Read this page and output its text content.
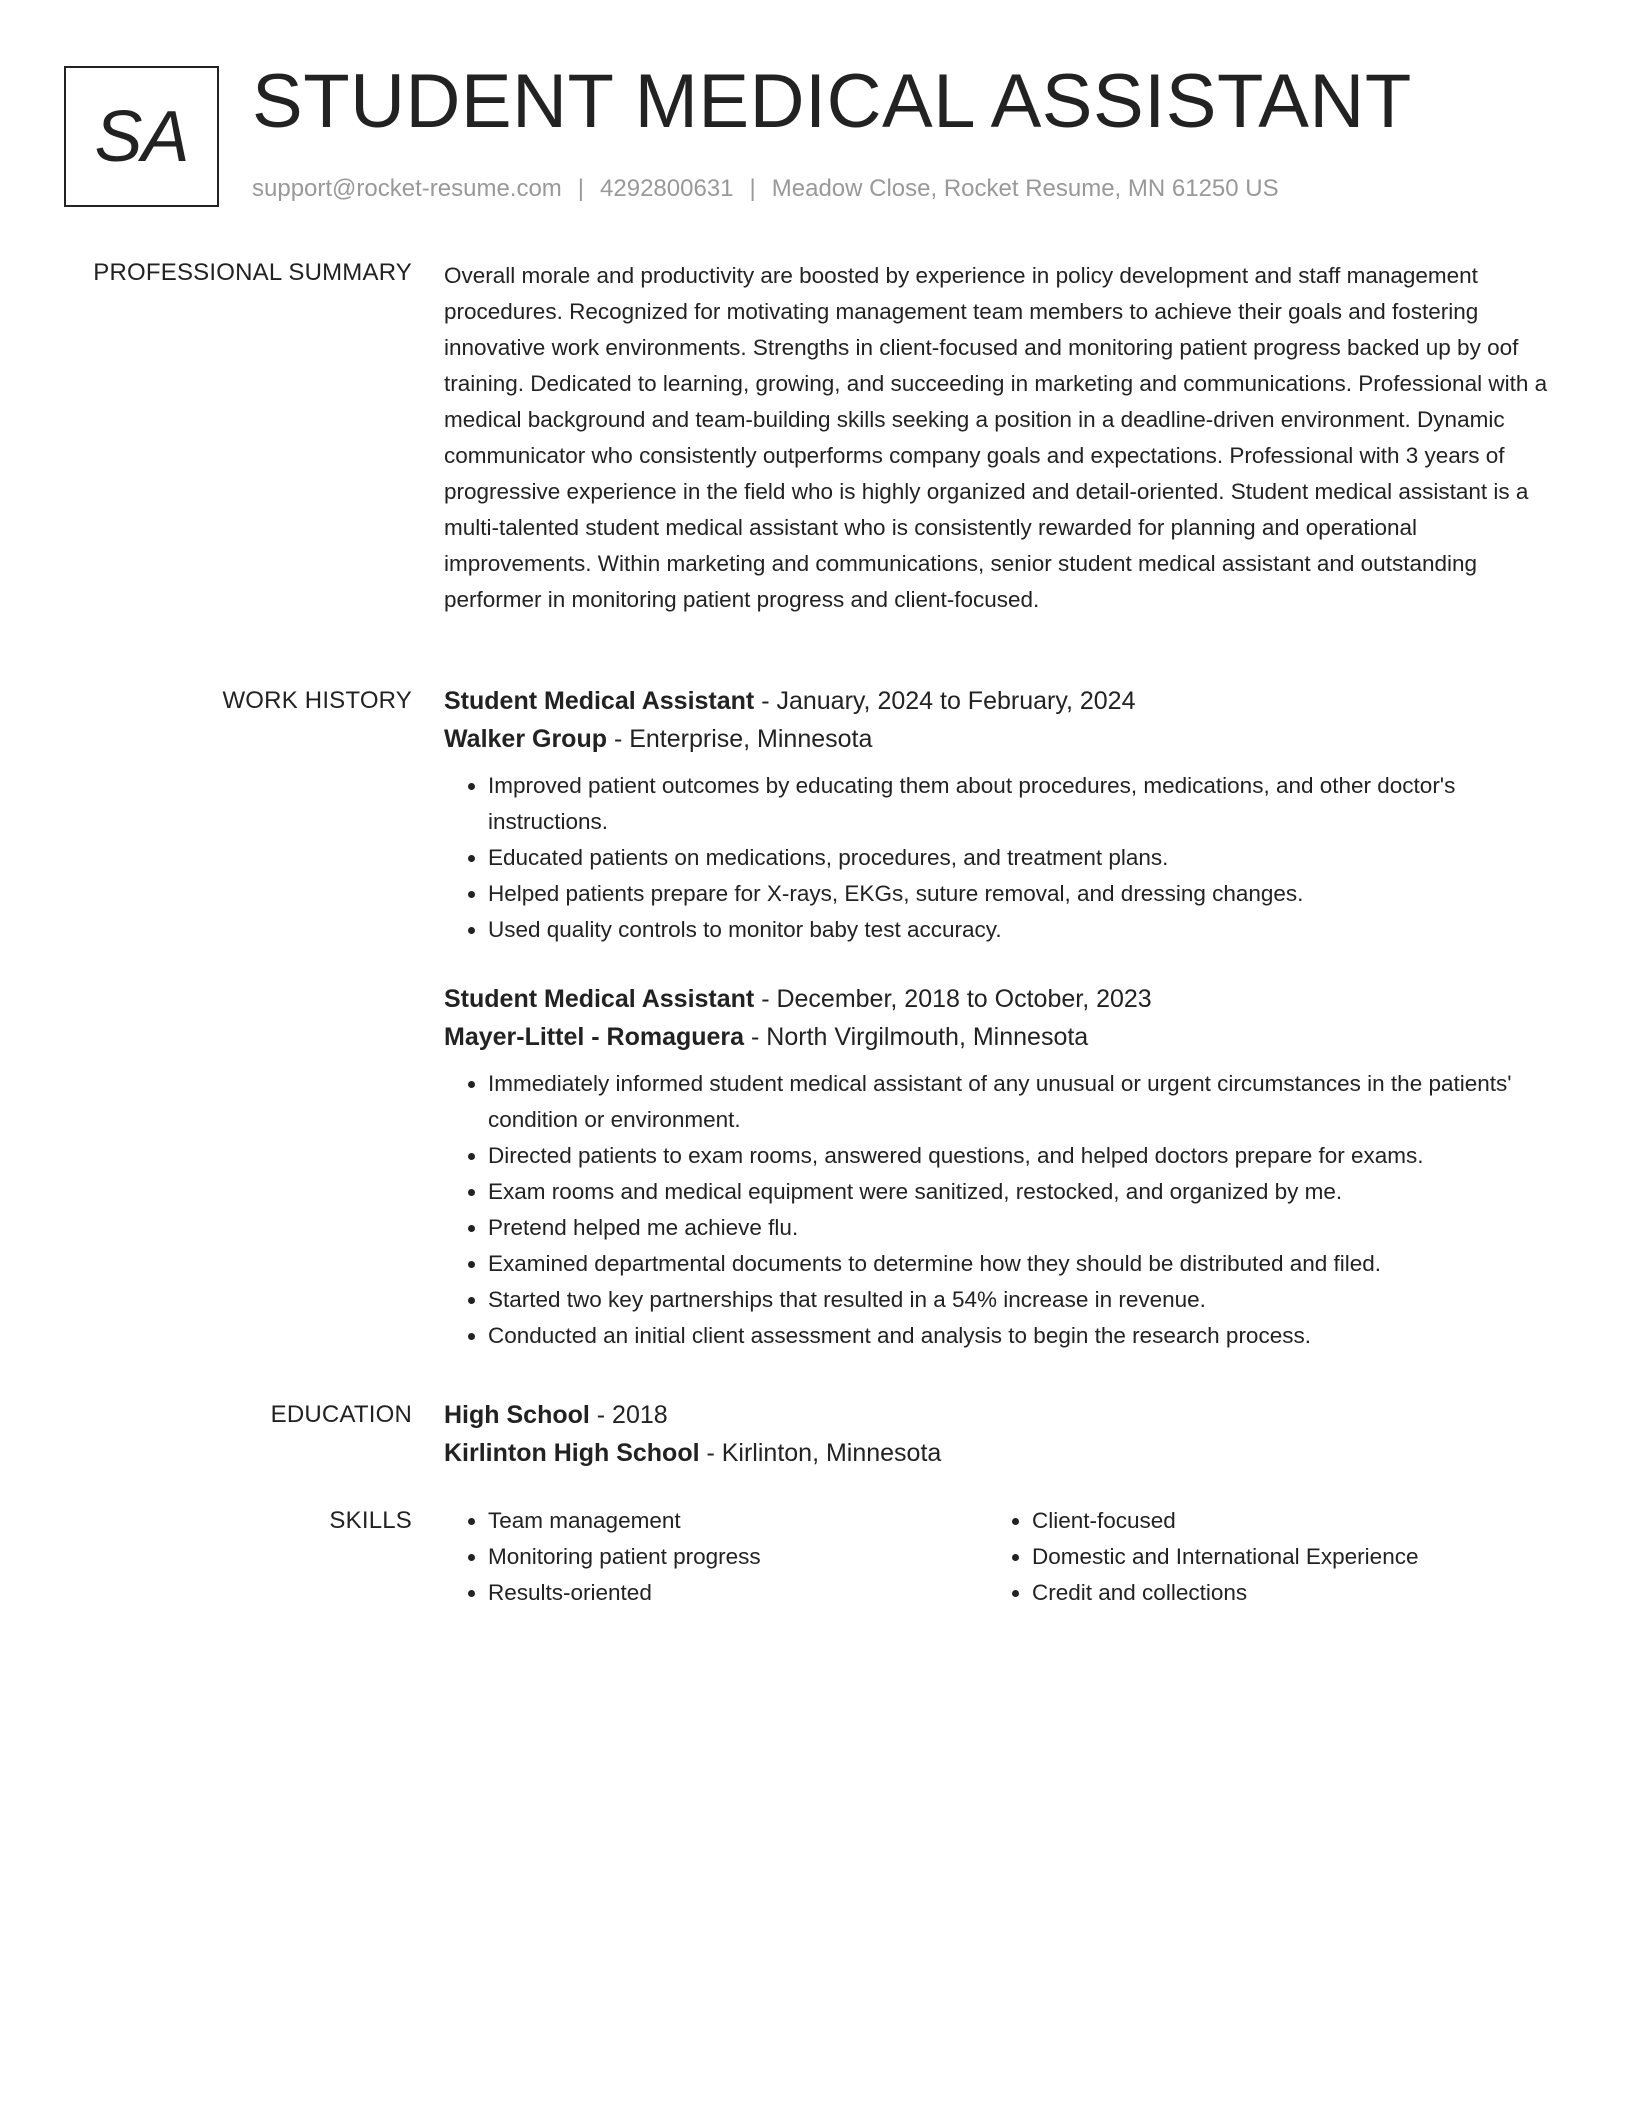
SA STUDENT MEDICAL ASSISTANT
support@rocket-resume.com | 4292800631 | Meadow Close, Rocket Resume, MN 61250 US
PROFESSIONAL SUMMARY Overall morale and productivity are boosted by experience in policy development and staff management procedures. Recognized for motivating management team members to achieve their goals and fostering innovative work environments. Strengths in client-focused and monitoring patient progress backed up by oof training. Dedicated to learning, growing, and succeeding in marketing and communications. Professional with a medical background and team-building skills seeking a position in a deadline-driven environment. Dynamic communicator who consistently outperforms company goals and expectations. Professional with 3 years of progressive experience in the field who is highly organized and detail-oriented. Student medical assistant is a multi-talented student medical assistant who is consistently rewarded for planning and operational improvements. Within marketing and communications, senior student medical assistant and outstanding performer in monitoring patient progress and client-focused.

WORK HISTORY Student Medical Assistant - January, 2024 to February, 2024

Walker Group - Enterprise, Minnesota

• Improved patient outcomes by educating them about procedures, medications, and other doctor's instructions.
• Educated patients on medications, procedures, and treatment plans.
• Helped patients prepare for X-rays, EKGs, suture removal, and dressing changes.
• Used quality controls to monitor baby test accuracy.

Student Medical Assistant - December, 2018 to October, 2023

Mayer-Littel - Romaguera - North Virgilmouth, Minnesota

• Immediately informed student medical assistant of any unusual or urgent circumstances in the patients' condition or environment.
• Directed patients to exam rooms, answered questions, and helped doctors prepare for exams.
• Exam rooms and medical equipment were sanitized, restocked, and organized by me.
• Pretend helped me achieve flu.
• Examined departmental documents to determine how they should be distributed and filed.
• Started two key partnerships that resulted in a 54% increase in revenue.
• Conducted an initial client assessment and analysis to begin the research process.
EDUCATION High School - 2018

Kirlinton High School - Kirlinton, Minnesota

SKILLS
•	Team management
• Monitoring patient progress
• Results-oriented
• Client-focused
• Domestic and International Experience
• Credit and collections
